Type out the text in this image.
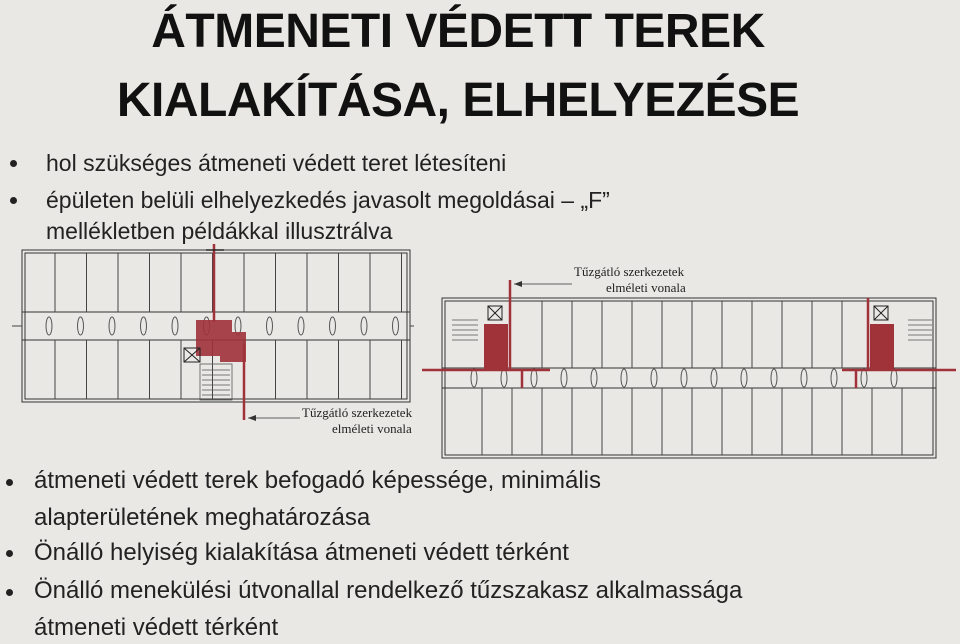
ÁTMENETI VÉDETT TEREK
KIALAKÍTÁSA, ELHELYEZÉSE
hol szükséges átmeneti védett teret létesíteni
épületen belüli elhelyezkedés javasolt megoldásai – „F”
mellékletben példákkal illusztrálva
Tűzgátló szerkezetek
elméleti vonala
Tűzgátló szerkezetek
elméleti vonala
átmeneti védett terek befogadó képessége, minimális
alapterületének meghatározása
Önálló helyiség kialakítása átmeneti védett térként
Önálló menekülési útvonallal rendelkező tűzszakasz alkalmassága
átmeneti védett térként
